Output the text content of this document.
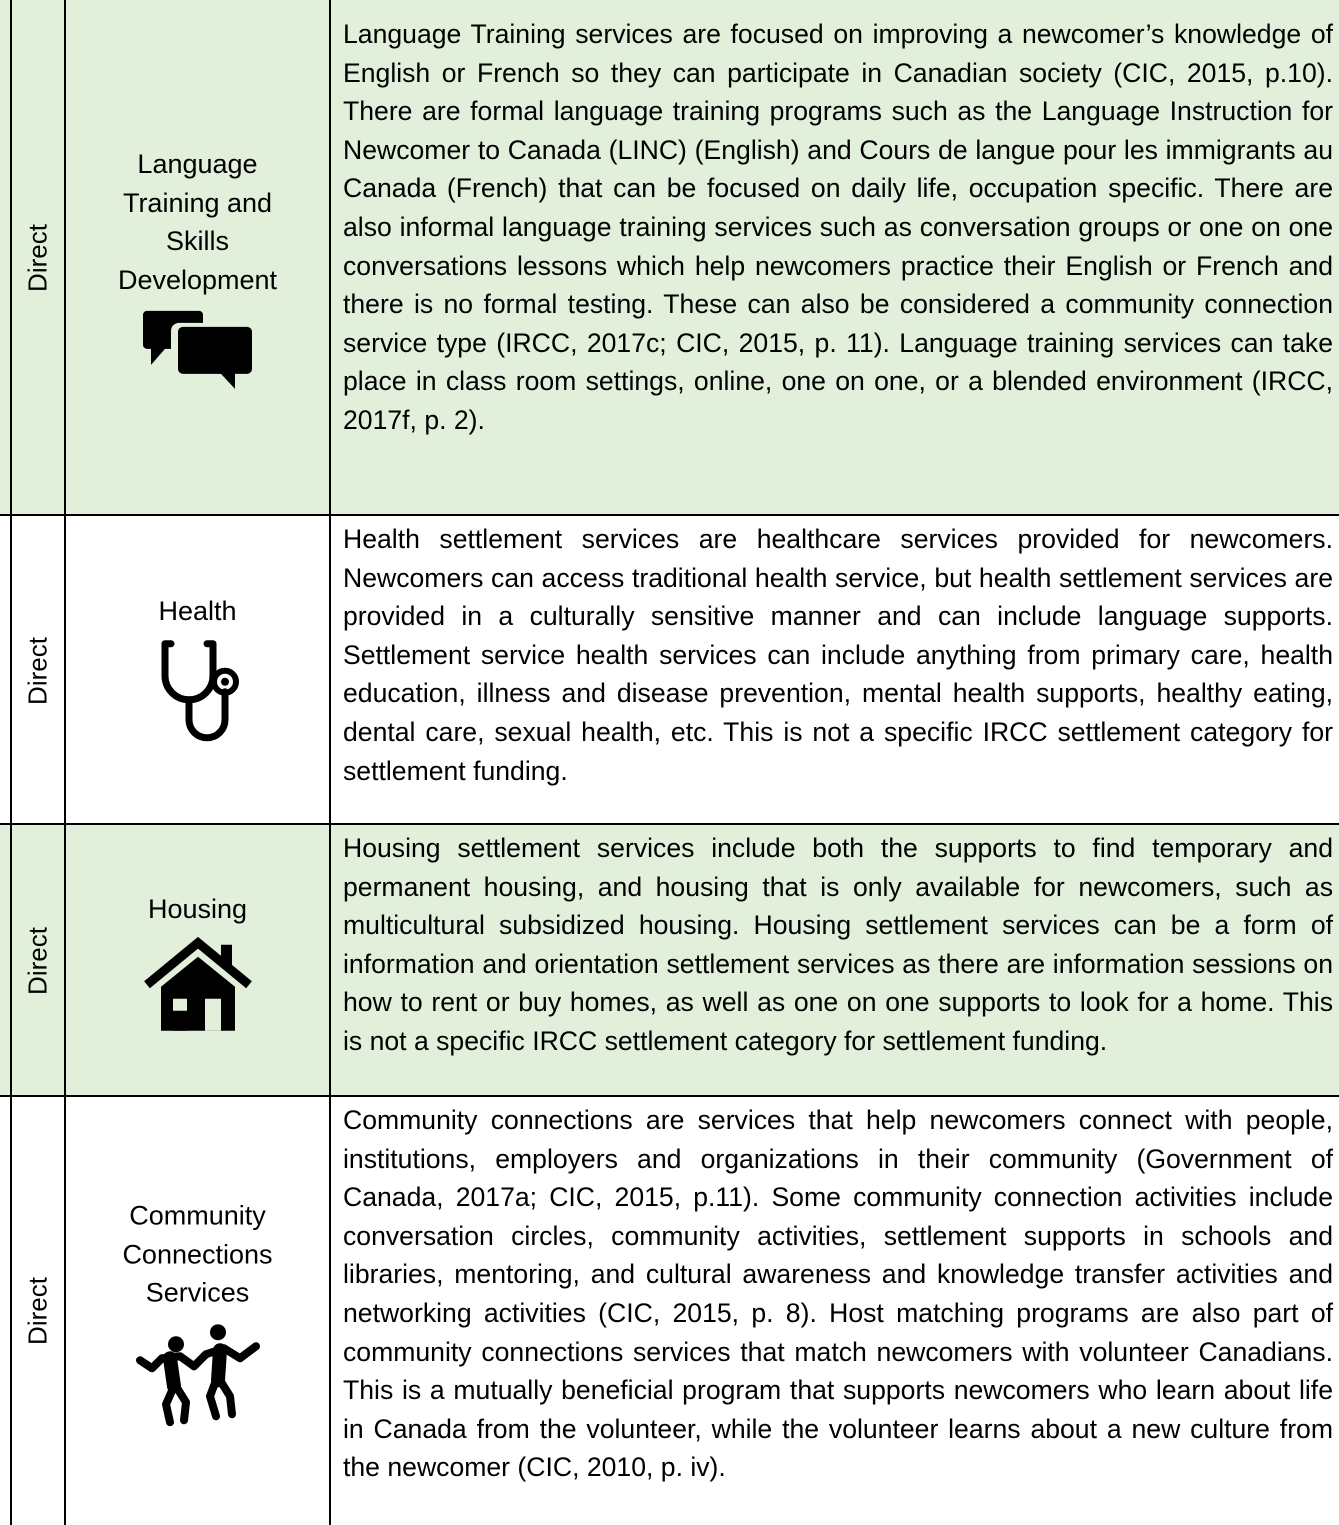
Direct
Language Training and Skills Development

Language Training services are focused on improving a newcomer’s knowledge of English or French so they can participate in Canadian society (CIC, 2015, p.10). There are formal language training programs such as the Language Instruction for Newcomer to Canada (LINC) (English) and Cours de langue pour les immigrants au Canada (French) that can be focused on daily life, occupation specific. There are also informal language training services such as conversation groups or one on one conversations lessons which help newcomers practice their English or French and there is no formal testing. These can also be considered a community connection service type (IRCC, 2017c; CIC, 2015, p. 11). Language training services can take place in class room settings, online, one on one, or a blended environment (IRCC, 2017f, p. 2).

Direct
Health

Health settlement services are healthcare services provided for newcomers. Newcomers can access traditional health service, but health settlement services are provided in a culturally sensitive manner and can include language supports. Settlement service health services can include anything from primary care, health education, illness and disease prevention, mental health supports, healthy eating, dental care, sexual health, etc. This is not a specific IRCC settlement category for settlement funding.

Direct
Housing

Housing settlement services include both the supports to find temporary and permanent housing, and housing that is only available for newcomers, such as multicultural subsidized housing. Housing settlement services can be a form of information and orientation settlement services as there are information sessions on how to rent or buy homes, as well as one on one supports to look for a home. This is not a specific IRCC settlement category for settlement funding.

Direct
Community Connections Services

Community connections are services that help newcomers connect with people, institutions, employers and organizations in their community (Government of Canada, 2017a; CIC, 2015, p.11). Some community connection activities include conversation circles, community activities, settlement supports in schools and libraries, mentoring, and cultural awareness and knowledge transfer activities and networking activities (CIC, 2015, p. 8). Host matching programs are also part of community connections services that match newcomers with volunteer Canadians. This is a mutually beneficial program that supports newcomers who learn about life in Canada from the volunteer, while the volunteer learns about a new culture from the newcomer (CIC, 2010, p. iv).
